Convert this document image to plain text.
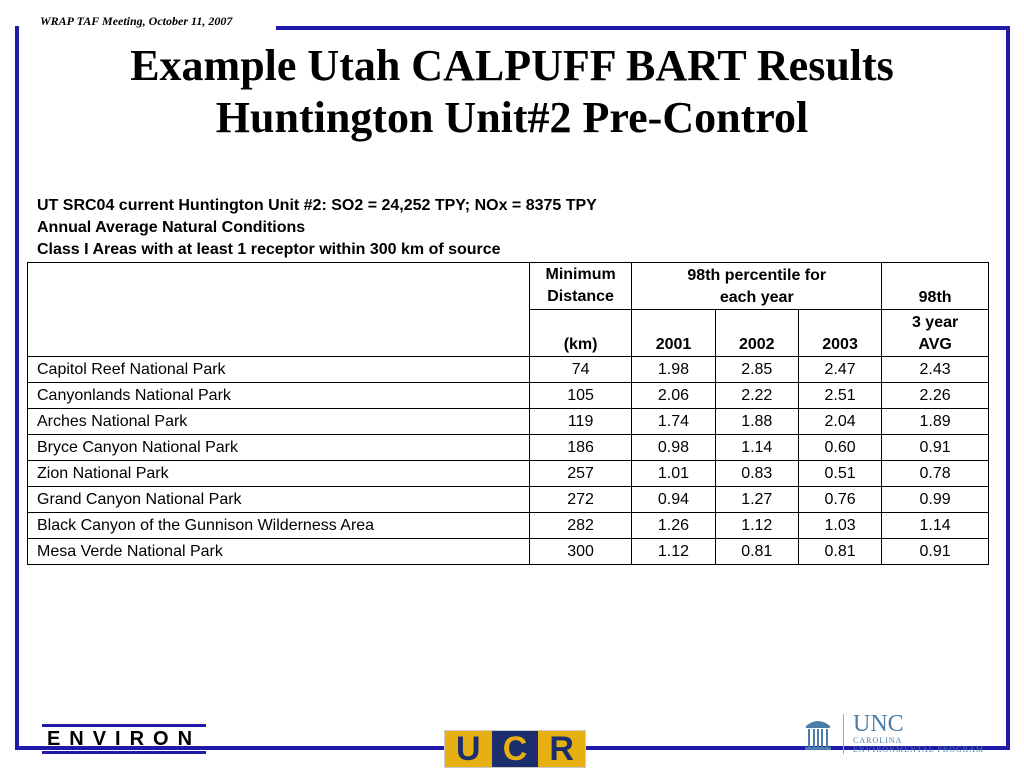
WRAP TAF Meeting, October 11, 2007
Example Utah CALPUFF BART Results
Huntington Unit#2 Pre-Control
UT SRC04 current Huntington Unit #2: SO2 = 24,252 TPY; NOx = 8375 TPY
Annual Average Natural Conditions
Class I Areas with at least 1 receptor within 300 km of source
	Minimum Distance	98th percentile for each year			98th
	(km)	2001	2002	2003	3 year AVG

Capitol Reef National Park	74	1.98	2.85	2.47	2.43
Canyonlands National Park	105	2.06	2.22	2.51	2.26
Arches National Park	119	1.74	1.88	2.04	1.89
Bryce Canyon National Park	186	0.98	1.14	0.60	0.91
Zion National Park	257	1.01	0.83	0.51	0.78
Grand Canyon National Park	272	0.94	1.27	0.76	0.99
Black Canyon of the Gunnison Wilderness Area	282	1.26	1.12	1.03	1.14
Mesa Verde National Park	300	1.12	0.81	0.81	0.91
ENVIRON	U C R
UNC
CAROLINA
ENVIRONMENTAL PROGRAM
